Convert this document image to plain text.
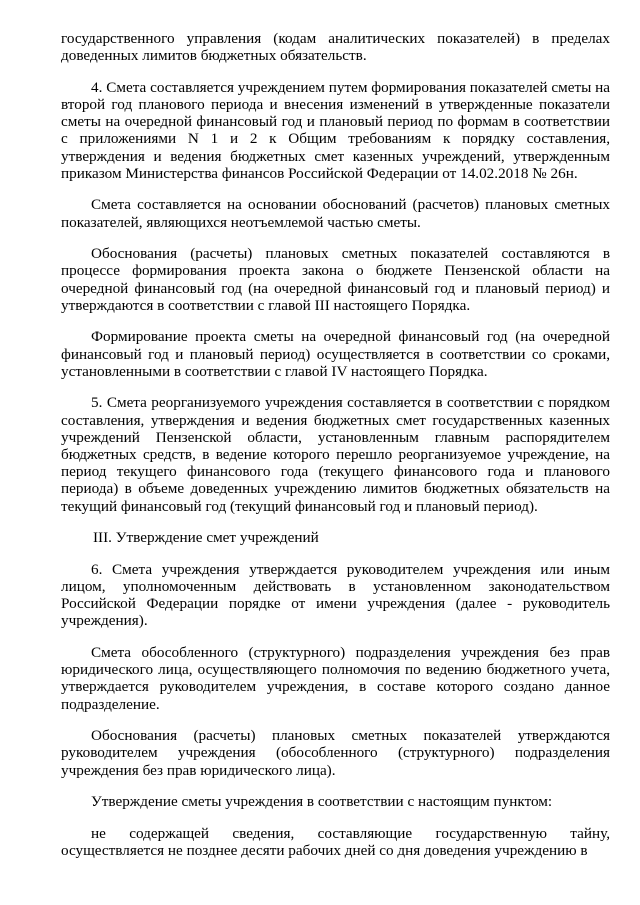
государственного управления (кодам аналитических показателей) в пределах доведенных лимитов бюджетных обязательств.

4. Смета составляется учреждением путем формирования показателей сметы на второй год планового периода и внесения изменений в утвержденные показатели сметы на очередной финансовый год и плановый период по формам в соответствии с приложениями N 1 и 2 к Общим требованиям к порядку составления, утверждения и ведения бюджетных смет казенных учреждений, утвержденным приказом Министерства финансов Российской Федерации от 14.02.2018 № 26н.

Смета составляется на основании обоснований (расчетов) плановых сметных показателей, являющихся неотъемлемой частью сметы.

Обоснования (расчеты) плановых сметных показателей составляются в процессе формирования проекта закона о бюджете Пензенской области на очередной финансовый год (на очередной финансовый год и плановый период) и утверждаются в соответствии с главой III настоящего Порядка.

Формирование проекта сметы на очередной финансовый год (на очередной финансовый год и плановый период) осуществляется в соответствии со сроками, установленными в соответствии с главой IV настоящего Порядка.

5. Смета реорганизуемого учреждения составляется в соответствии с порядком составления, утверждения и ведения бюджетных смет государственных казенных учреждений Пензенской области, установленным главным распорядителем бюджетных средств, в ведение которого перешло реорганизуемое учреждение, на период текущего финансового года (текущего финансового года и планового периода) в объеме доведенных учреждению лимитов бюджетных обязательств на текущий финансовый год (текущий финансовый год и плановый период).

III. Утверждение смет учреждений

6. Смета учреждения утверждается руководителем учреждения или иным лицом, уполномоченным действовать в установленном законодательством Российской Федерации порядке от имени учреждения (далее - руководитель учреждения).

Смета обособленного (структурного) подразделения учреждения без прав юридического лица, осуществляющего полномочия по ведению бюджетного учета, утверждается руководителем учреждения, в составе которого создано данное подразделение.

Обоснования (расчеты) плановых сметных показателей утверждаются руководителем учреждения (обособленного (структурного) подразделения учреждения без прав юридического лица).

Утверждение сметы учреждения в соответствии с настоящим пунктом:

не содержащей сведения, составляющие государственную тайну, осуществляется не позднее десяти рабочих дней со дня доведения учреждению в
